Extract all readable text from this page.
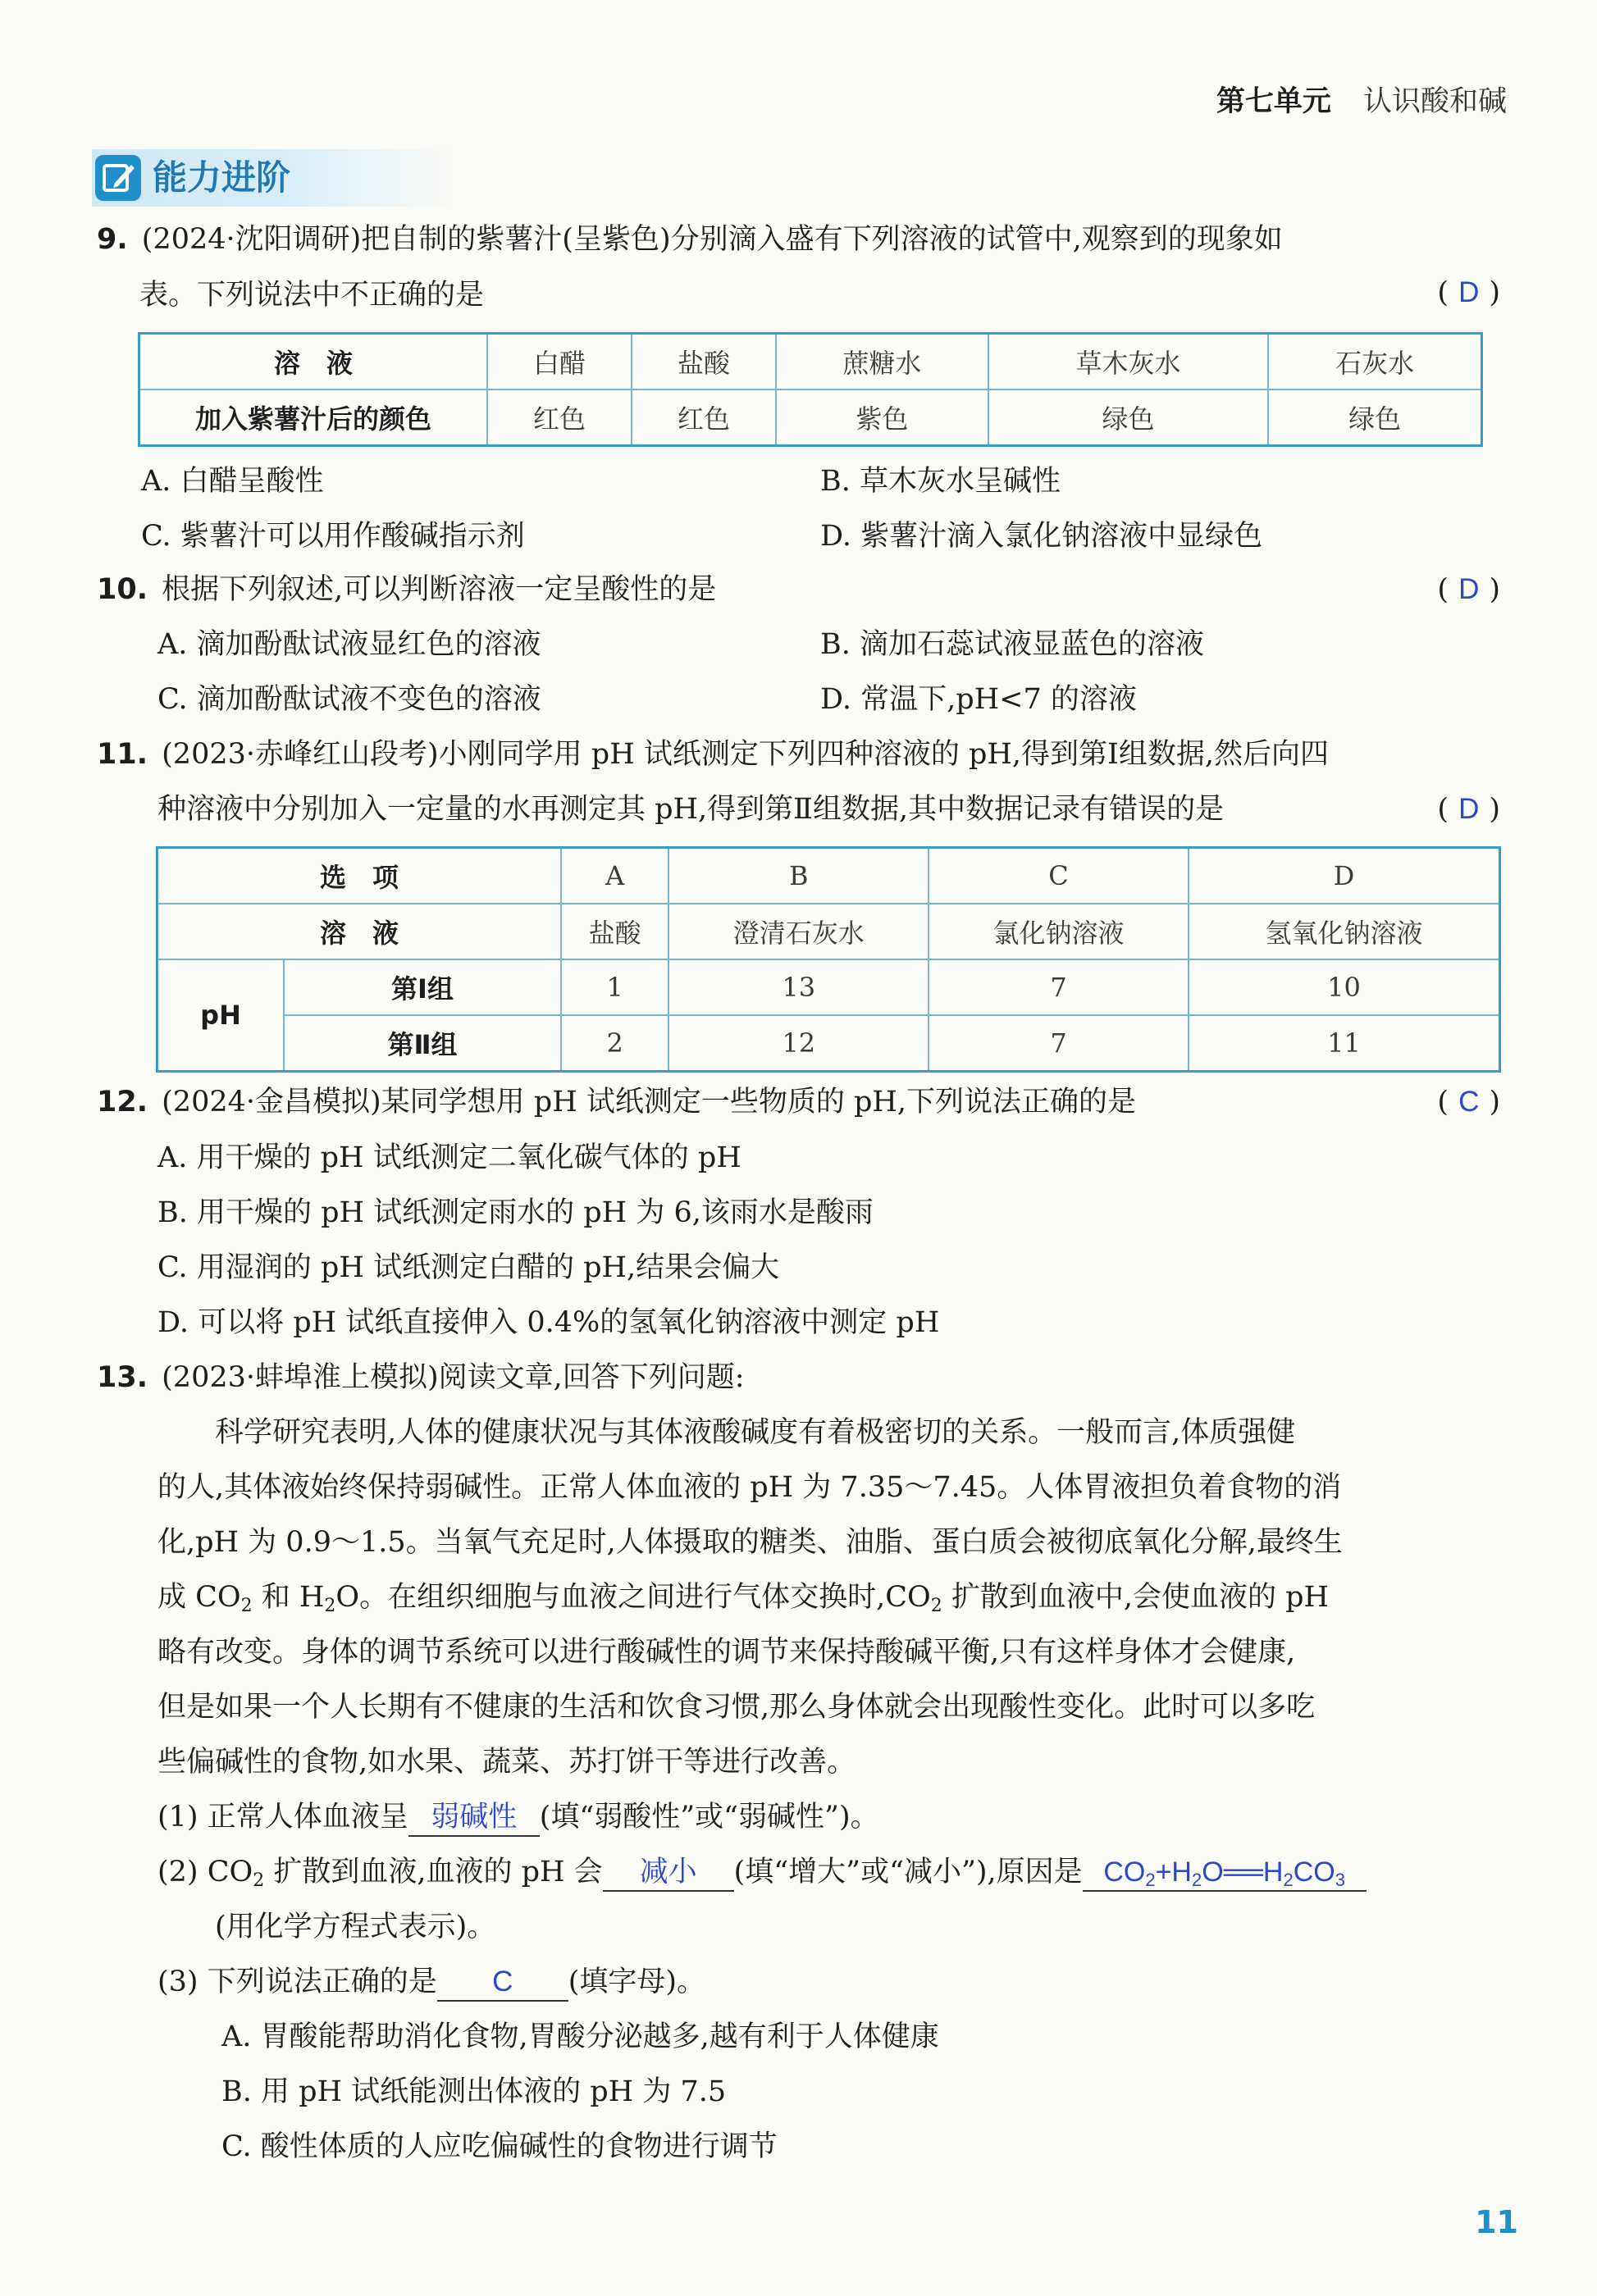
第七单元 认识酸和碱
能力进阶
9. (2024·沈阳调研)把自制的紫薯汁(呈紫色)分别滴入盛有下列溶液的试管中,观察到的现象如
表。下列说法中不正确的是	( D )
溶　液	白醋	盐酸	蔗糖水	草木灰水	石灰水
加入紫薯汁后的颜色	红色	红色	紫色	绿色	绿色
A. 白醋呈酸性	B. 草木灰水呈碱性
C. 紫薯汁可以用作酸碱指示剂	D. 紫薯汁滴入氯化钠溶液中显绿色
10. 根据下列叙述,可以判断溶液一定呈酸性的是	( D )
A. 滴加酚酞试液显红色的溶液	B. 滴加石蕊试液显蓝色的溶液
C. 滴加酚酞试液不变色的溶液	D. 常温下,pH<7 的溶液
11. (2023·赤峰红山段考)小刚同学用 pH 试纸测定下列四种溶液的 pH,得到第Ⅰ组数据,然后向四
种溶液中分别加入一定量的水再测定其 pH,得到第Ⅱ组数据,其中数据记录有错误的是	( D )
选　项		A	B	C	D
溶　液		盐酸	澄清石灰水	氯化钠溶液	氢氧化钠溶液
pH	第Ⅰ组	1	13	7	10
	第Ⅱ组	2	12	7	11
12. (2024·金昌模拟)某同学想用 pH 试纸测定一些物质的 pH,下列说法正确的是	( C )
A. 用干燥的 pH 试纸测定二氧化碳气体的 pH
B. 用干燥的 pH 试纸测定雨水的 pH 为 6,该雨水是酸雨
C. 用湿润的 pH 试纸测定白醋的 pH,结果会偏大
D. 可以将 pH 试纸直接伸入 0.4%的氢氧化钠溶液中测定 pH
13. (2023·蚌埠淮上模拟)阅读文章,回答下列问题:
科学研究表明,人体的健康状况与其体液酸碱度有着极密切的关系。一般而言,体质强健
的人,其体液始终保持弱碱性。正常人体血液的 pH 为 7.35～7.45。人体胃液担负着食物的消
化,pH 为 0.9～1.5。当氧气充足时,人体摄取的糖类、油脂、蛋白质会被彻底氧化分解,最终生
成 $CO_2$ 和 $H_2O$。在组织细胞与血液之间进行气体交换时$,CO_2$ 扩散到血液中,会使血液的 pH
略有改变。身体的调节系统可以进行酸碱性的调节来保持酸碱平衡,只有这样身体才会健康,
但是如果一个人长期有不健康的生活和饮食习惯,那么身体就会出现酸性变化。此时可以多吃
些偏碱性的食物,如水果、蔬菜、苏打饼干等进行改善。
(1) 正常人体血液呈 弱碱性 (填“弱酸性”或“弱碱性”)。
(2) $CO_2$ 扩散到血液,血液的 pH 会 减小 (填“增大”或“减小”),原因是 $CO_2+H_2O══H_2CO_3$
(用化学方程式表示)。
(3) 下列说法正确的是 C (填字母)。
A. 胃酸能帮助消化食物,胃酸分泌越多,越有利于人体健康
B. 用 pH 试纸能测出体液的 pH 为 7.5
C. 酸性体质的人应吃偏碱性的食物进行调节
11
